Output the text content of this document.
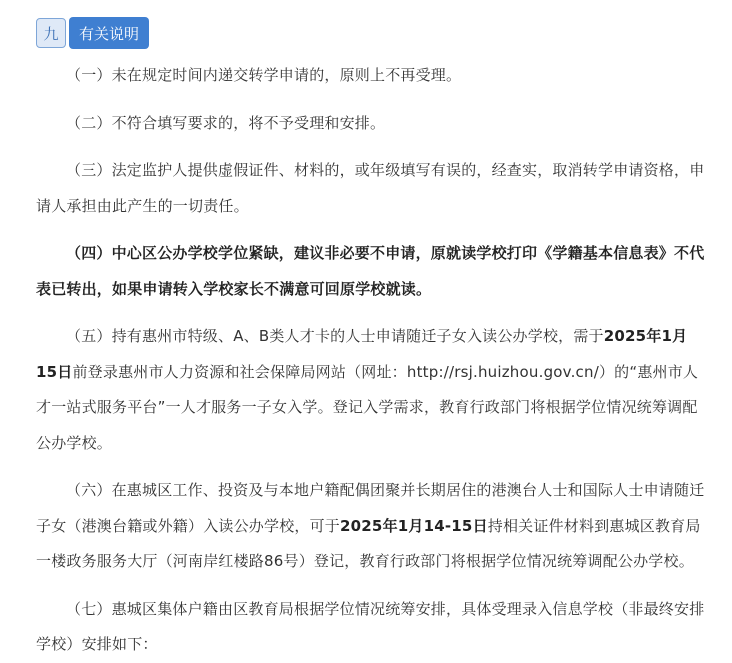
九	有关说明

（一）未在规定时间内递交转学申请的，原则上不再受理。

（二）不符合填写要求的，将不予受理和安排。

（三）法定监护人提供虚假证件、材料的，或年级填写有误的，经查实，取消转学申请资格，申请人承担由此产生的一切责任。

（四）中心区公办学校学位紧缺，建议非必要不申请，原就读学校打印《学籍基本信息表》不代表已转出，如果申请转入学校家长不满意可回原学校就读。

（五）持有惠州市特级、A、B类人才卡的人士申请随迁子女入读公办学校，需于2025年1月15日前登录惠州市人力资源和社会保障局网站（网址：http://rsj.huizhou.gov.cn/）的“惠州市人才一站式服务平台”一人才服务一子女入学。登记入学需求，教育行政部门将根据学位情况统筹调配公办学校。

（六）在惠城区工作、投资及与本地户籍配偶团聚并长期居住的港澳台人士和国际人士申请随迁子女（港澳台籍或外籍）入读公办学校，可于2025年1月14-15日持相关证件材料到惠城区教育局一楼政务服务大厅（河南岸红楼路86号）登记，教育行政部门将根据学位情况统筹调配公办学校。

（七）惠城区集体户籍由区教育局根据学位情况统筹安排，具体受理录入信息学校（非最终安排学校）安排如下：
